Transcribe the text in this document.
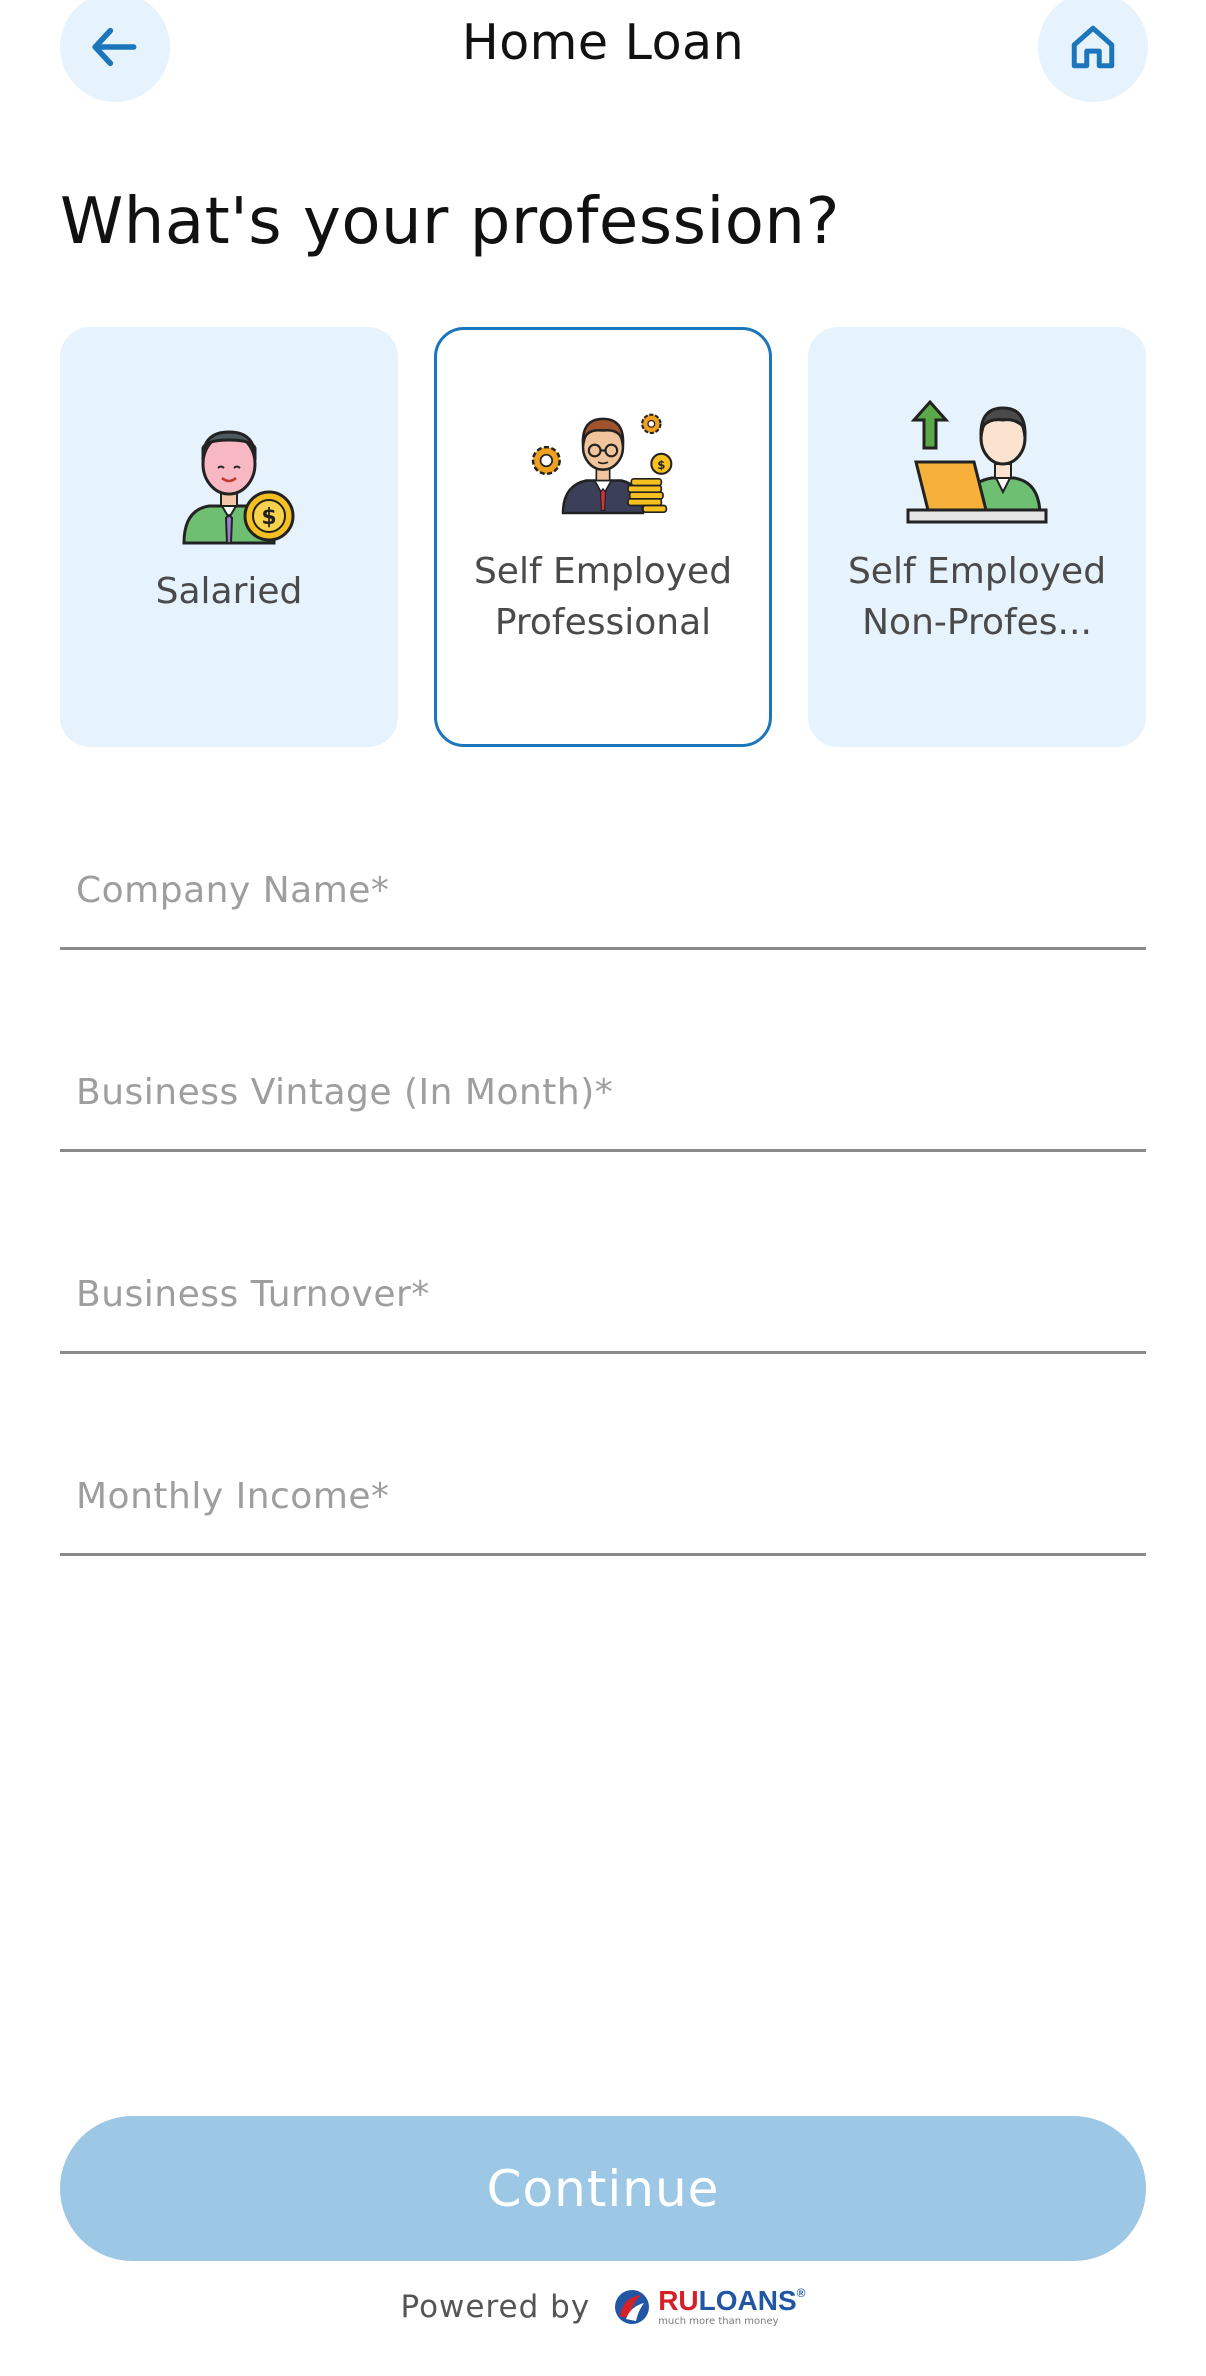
Home Loan
What's your profession?
$
Salaried
$
Self Employed Professional
Self Employed Non-Profes...
Company Name*
Business Vintage (In Month)*
Business Turnover*
Monthly Income*
Continue
Powered by RULOANS®
much more than money
